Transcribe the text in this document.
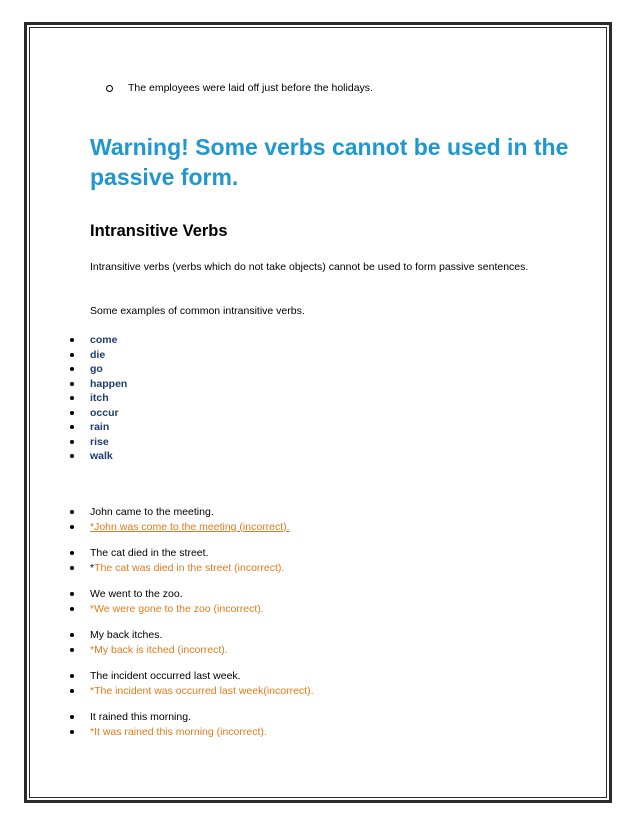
The employees were laid off just before the holidays.
Warning! Some verbs cannot be used in the passive form.
Intransitive Verbs

Intransitive verbs (verbs which do not take objects) cannot be used to form passive sentences.

Some examples of common intransitive verbs.

come
die
go
happen
itch
occur
rain
rise
walk
John came to the meeting.
*John was come to the meeting (incorrect).
The cat died in the street.
* The cat was died in the street (incorrect).
We went to the zoo.
*We were gone to the zoo (incorrect).
My back itches.
*My back is itched (incorrect).
The incident occurred last week.
*The incident was occurred last week(incorrect).
It rained this morning.
*It was rained this morning (incorrect).
